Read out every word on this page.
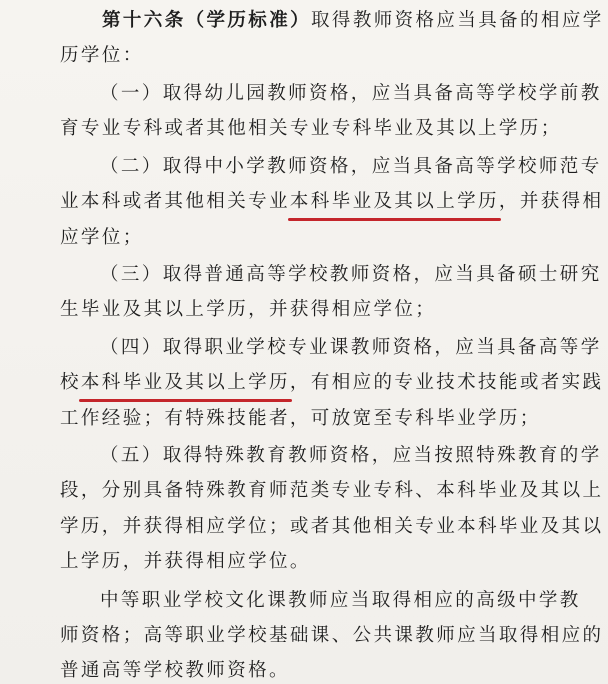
第十六条（学历标准）取得教师资格应当具备的相应学
历学位：
（一）取得幼儿园教师资格，应当具备高等学校学前教
育专业专科或者其他相关专业专科毕业及其以上学历；
（二）取得中小学教师资格，应当具备高等学校师范专
业本科或者其他相关专业本科毕业及其以上学历，并获得相
应学位；
（三）取得普通高等学校教师资格，应当具备硕士研究
生毕业及其以上学历，并获得相应学位；
（四）取得职业学校专业课教师资格，应当具备高等学
校本科毕业及其以上学历，有相应的专业技术技能或者实践
工作经验；有特殊技能者，可放宽至专科毕业学历；
（五）取得特殊教育教师资格，应当按照特殊教育的学
段，分别具备特殊教育师范类专业专科、本科毕业及其以上
学历，并获得相应学位；或者其他相关专业本科毕业及其以
上学历，并获得相应学位。
中等职业学校文化课教师应当取得相应的高级中学教
师资格；高等职业学校基础课、公共课教师应当取得相应的
普通高等学校教师资格。
